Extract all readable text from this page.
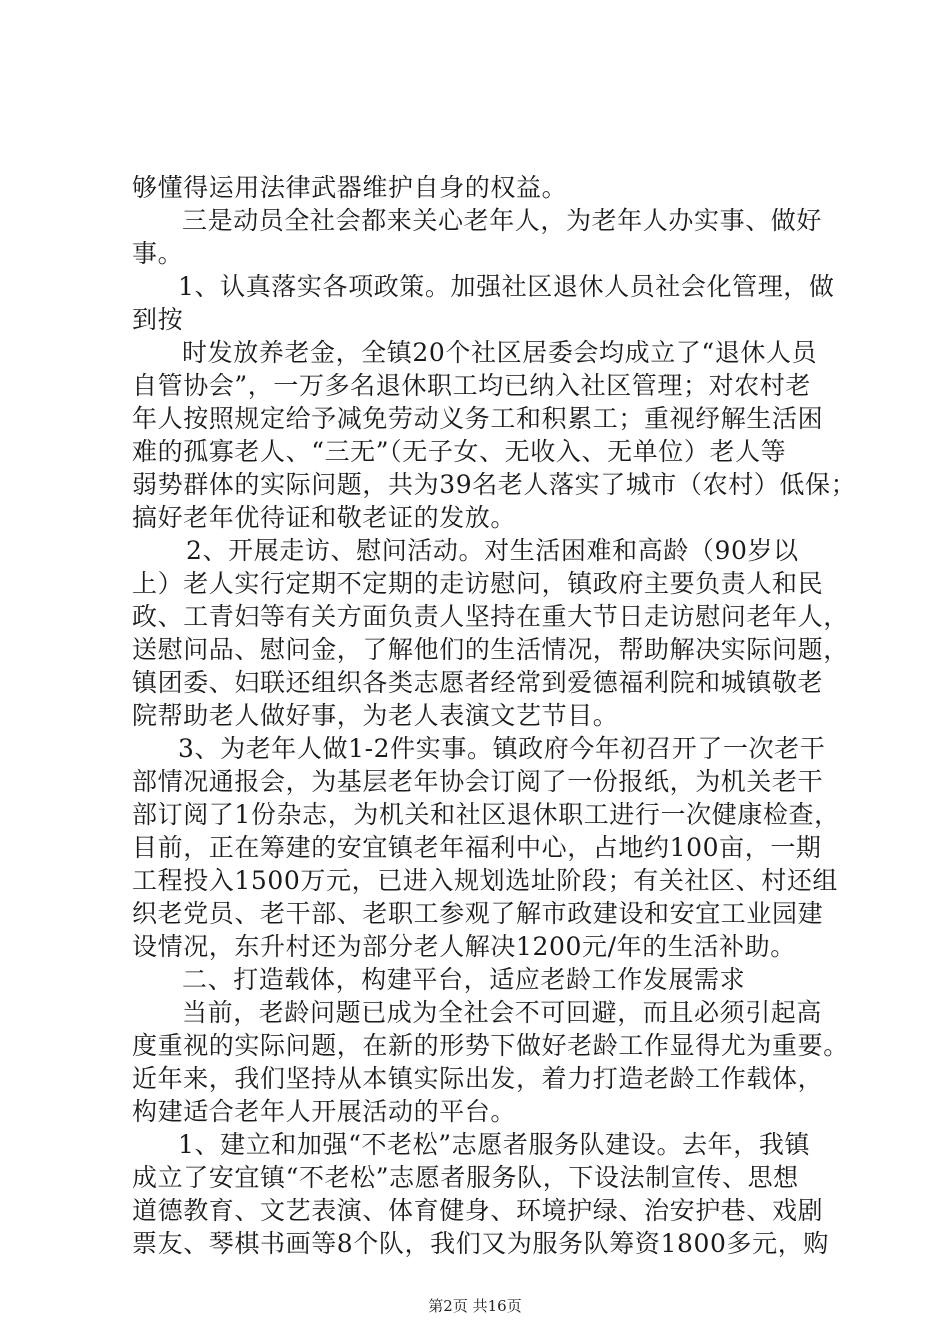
够懂得运用法律武器维护自身的权益。
三是动员全社会都来关心老年人，为老年人办实事、做好
事。
1、认真落实各项政策。加强社区退休人员社会化管理，做
到按
时发放养老金，全镇20个社区居委会均成立了“退休人员
自管协会”，一万多名退休职工均已纳入社区管理；对农村老
年人按照规定给予减免劳动义务工和积累工；重视纾解生活困
难的孤寡老人、“三无”（无子女、无收入、无单位）老人等
弱势群体的实际问题，共为39名老人落实了城市（农村）低保；
搞好老年优待证和敬老证的发放。
2、开展走访、慰问活动。对生活困难和高龄（90岁以
上）老人实行定期不定期的走访慰问，镇政府主要负责人和民
政、工青妇等有关方面负责人坚持在重大节日走访慰问老年人，
送慰问品、慰问金，了解他们的生活情况，帮助解决实际问题，
镇团委、妇联还组织各类志愿者经常到爱德福利院和城镇敬老
院帮助老人做好事，为老人表演文艺节目。
3、为老年人做1-2件实事。镇政府今年初召开了一次老干
部情况通报会，为基层老年协会订阅了一份报纸，为机关老干
部订阅了1份杂志，为机关和社区退休职工进行一次健康检查，
目前，正在筹建的安宜镇老年福利中心，占地约100亩，一期
工程投入1500万元，已进入规划选址阶段；有关社区、村还组
织老党员、老干部、老职工参观了解市政建设和安宜工业园建
设情况，东升村还为部分老人解决1200元/年的生活补助。
二、打造载体，构建平台，适应老龄工作发展需求
当前，老龄问题已成为全社会不可回避，而且必须引起高
度重视的实际问题，在新的形势下做好老龄工作显得尤为重要。
近年来，我们坚持从本镇实际出发，着力打造老龄工作载体，
构建适合老年人开展活动的平台。
1、建立和加强“不老松”志愿者服务队建设。去年，我镇
成立了安宜镇“不老松”志愿者服务队，下设法制宣传、思想
道德教育、文艺表演、体育健身、环境护绿、治安护巷、戏剧
票友、琴棋书画等8个队，我们又为服务队筹资1800多元，购
第2页 共16页
